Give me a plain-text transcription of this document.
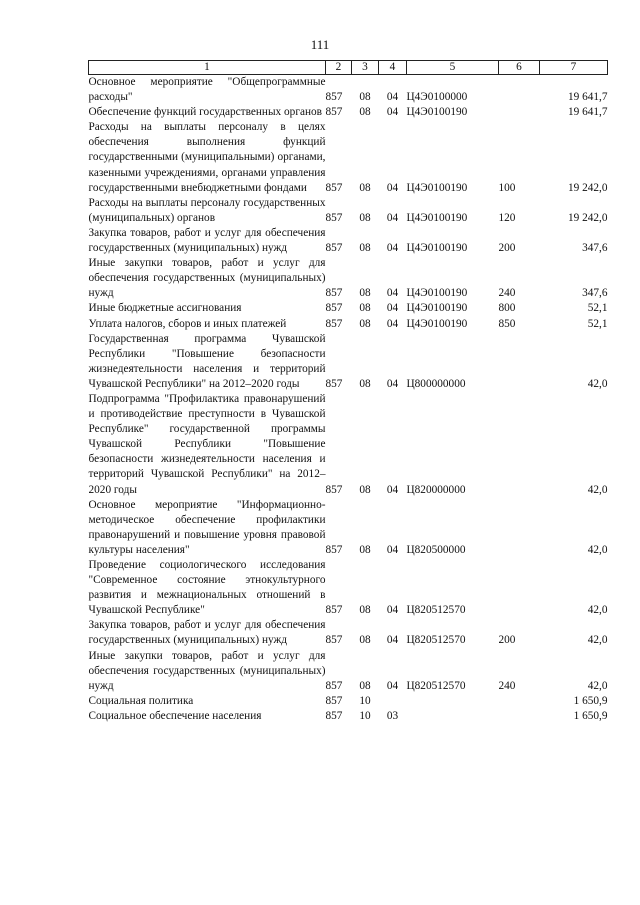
111
1	2	3	4	5	6	7
Основное мероприятие "Общепрограммные расходы"	857	08	04	Ц4Э0100000		19 641,7
Обеспечение функций государственных органов	857	08	04	Ц4Э0100190		19 641,7
Расходы на выплаты персоналу в целях обеспечения выполнения функций государственными (муниципальными) органами, казенными учреждениями, органами управления государственными внебюджетными фондами	857	08	04	Ц4Э0100190	100	19 242,0
Расходы на выплаты персоналу государственных (муниципальных) органов	857	08	04	Ц4Э0100190	120	19 242,0
Закупка товаров, работ и услуг для обеспечения государственных (муниципальных) нужд	857	08	04	Ц4Э0100190	200	347,6
Иные закупки товаров, работ и услуг для обеспечения государственных (муниципальных) нужд	857	08	04	Ц4Э0100190	240	347,6
Иные бюджетные ассигнования	857	08	04	Ц4Э0100190	800	52,1
Уплата налогов, сборов и иных платежей	857	08	04	Ц4Э0100190	850	52,1
Государственная программа Чувашской Республики "Повышение безопасности жизнедеятельности населения и территорий Чувашской Республики" на 2012–2020 годы	857	08	04	Ц800000000		42,0
Подпрограмма "Профилактика правонарушений и противодействие преступности в Чувашской Республике" государственной программы Чувашской Республики "Повышение безопасности жизнедеятельности населения и территорий Чувашской Республики" на 2012–2020 годы	857	08	04	Ц820000000		42,0
Основное мероприятие "Информационно-методическое обеспечение профилактики правонарушений и повышение уровня правовой культуры населения"	857	08	04	Ц820500000		42,0
Проведение социологического исследования "Современное состояние этнокультурного развития и межнациональных отношений в Чувашской Республике"	857	08	04	Ц820512570		42,0
Закупка товаров, работ и услуг для обеспечения государственных (муниципальных) нужд	857	08	04	Ц820512570	200	42,0
Иные закупки товаров, работ и услуг для обеспечения государственных (муниципальных) нужд	857	08	04	Ц820512570	240	42,0
Социальная политика	857	10				1 650,9
Социальное обеспечение населения	857	10	03			1 650,9
